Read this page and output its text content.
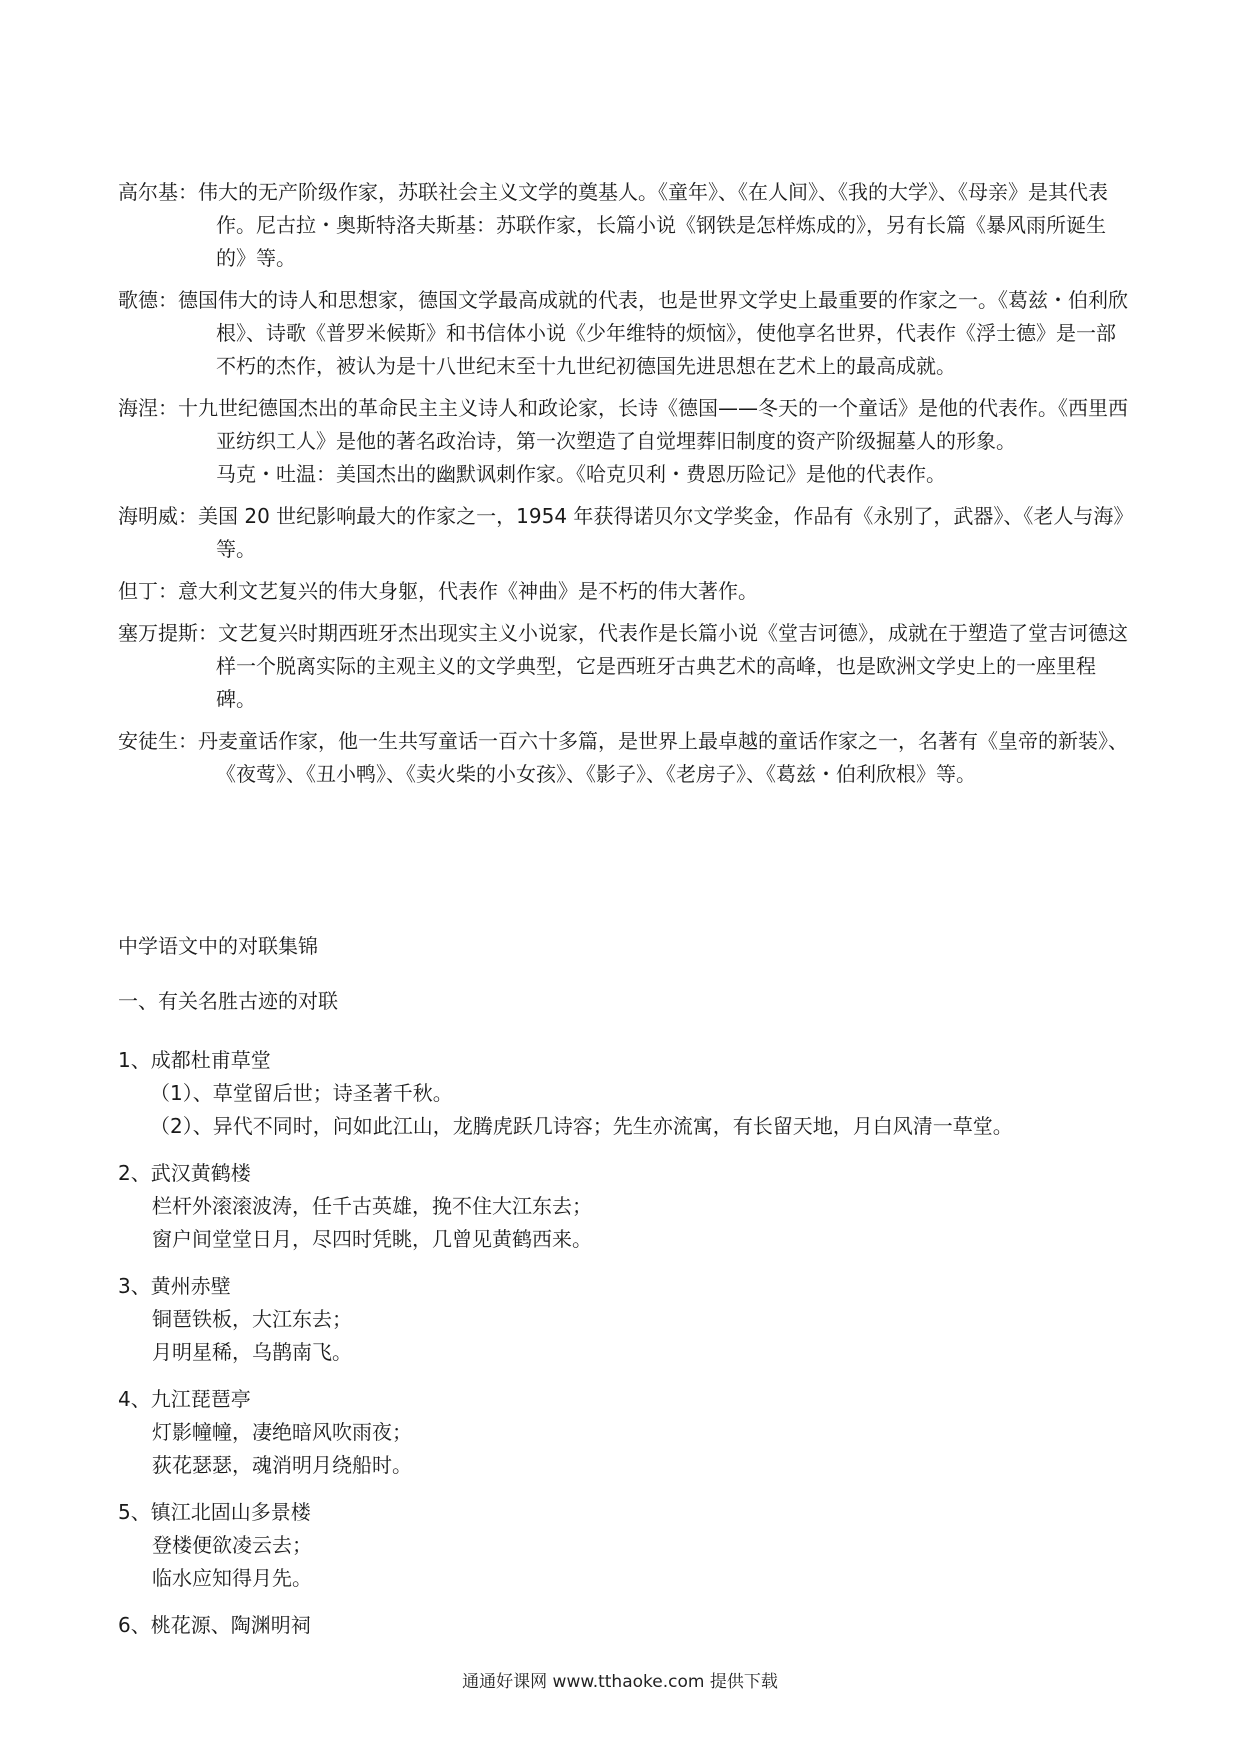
高尔基：伟大的无产阶级作家，苏联社会主义文学的奠基人。《童年》、《在人间》、《我的大学》、《母亲》是其代表作。尼古拉・奥斯特洛夫斯基：苏联作家，长篇小说《钢铁是怎样炼成的》，另有长篇《暴风雨所诞生的》等。

歌德：德国伟大的诗人和思想家，德国文学最高成就的代表，也是世界文学史上最重要的作家之一。《葛兹・伯利欣根》、诗歌《普罗米候斯》和书信体小说《少年维特的烦恼》，使他享名世界，代表作《浮士德》是一部不朽的杰作，被认为是十八世纪末至十九世纪初德国先进思想在艺术上的最高成就。

海涅：十九世纪德国杰出的革命民主主义诗人和政论家，长诗《德国——冬天的一个童话》是他的代表作。《西里西亚纺织工人》是他的著名政治诗，第一次塑造了自觉埋葬旧制度的资产阶级掘墓人的形象。

马克・吐温：美国杰出的幽默讽刺作家。《哈克贝利・费恩历险记》是他的代表作。

海明威：美国 20 世纪影响最大的作家之一，1954 年获得诺贝尔文学奖金，作品有《永别了，武器》、《老人与海》等。

但丁：意大利文艺复兴的伟大身躯，代表作《神曲》是不朽的伟大著作。

塞万提斯：文艺复兴时期西班牙杰出现实主义小说家，代表作是长篇小说《堂吉诃德》，成就在于塑造了堂吉诃德这样一个脱离实际的主观主义的文学典型，它是西班牙古典艺术的高峰，也是欧洲文学史上的一座里程碑。

安徒生：丹麦童话作家，他一生共写童话一百六十多篇，是世界上最卓越的童话作家之一，名著有《皇帝的新装》、《夜莺》、《丑小鸭》、《卖火柴的小女孩》、《影子》、《老房子》、《葛兹・伯利欣根》等。

中学语文中的对联集锦
一、有关名胜古迹的对联
1、成都杜甫草堂
（1）、草堂留后世；诗圣著千秋。
（2）、异代不同时，问如此江山，龙腾虎跃几诗容；先生亦流寓，有长留天地，月白风清一草堂。
2、武汉黄鹤楼
栏杆外滚滚波涛，任千古英雄，挽不住大江东去；
窗户间堂堂日月，尽四时凭眺，几曾见黄鹤西来。
3、黄州赤壁
铜琶铁板，大江东去；
月明星稀，乌鹊南飞。
4、九江琵琶亭
灯影幢幢，凄绝暗风吹雨夜；
荻花瑟瑟，魂消明月绕船时。
5、镇江北固山多景楼
登楼便欲凌云去；
临水应知得月先。
6、桃花源、陶渊明祠
通通好课网 www.tthaoke.com 提供下载
